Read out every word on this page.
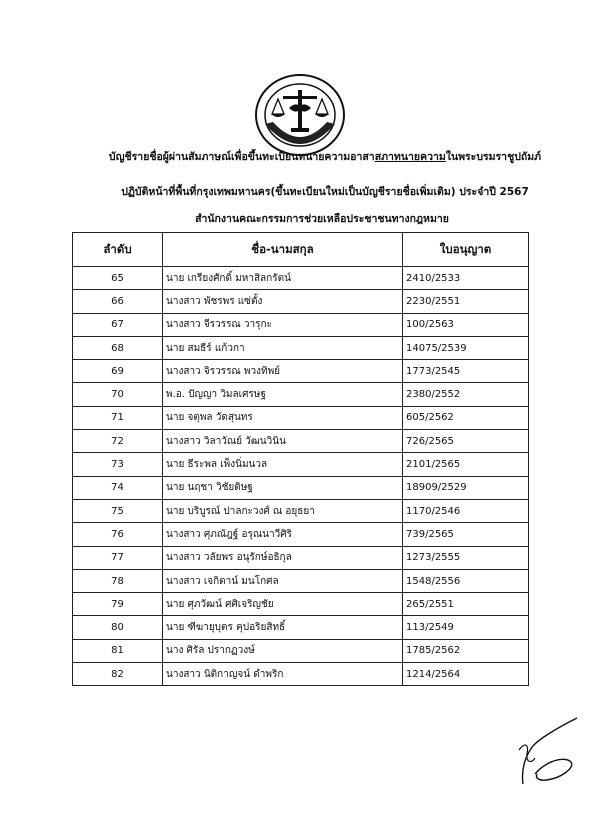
บัญชีรายชื่อผู้ผ่านสัมภาษณ์เพื่อขึ้นทะเบียนทนายความอาสาสภาทนายความในพระบรมราชูปถัมภ์
ปฏิบัติหน้าที่พื้นที่กรุงเทพมหานคร(ขึ้นทะเบียนใหม่เป็นบัญชีรายชื่อเพิ่มเติม) ประจำปี 2567
สำนักงานคณะกรรมการช่วยเหลือประชาชนทางกฎหมาย
ลำดับ	ชื่อ-นามสกุล	ใบอนุญาต
65	นาย เกรียงศักดิ์ มหาสิลกรัตน์	2410/2533
66	นางสาว พัชรพร แซ่ตั้ง	2230/2551
67	นางสาว จีรวรรณ วารุกะ	100/2563
68	นาย สมธีร์ แก้วกา	14075/2539
69	นางสาว จิรวรรณ พวงทิพย์	1773/2545
70	พ.อ. ปัญญา วิมลเศรษฐ	2380/2552
71	นาย จตุพล วัดสุนทร	605/2562
72	นางสาว วิลาวัณย์ วัฒนวินิน	726/2565
73	นาย ธีระพล เพ็งนิ่มนวล	2101/2565
74	นาย นฤชา วิชัยดิษฐ	18909/2529
75	นาย บริบูรณ์ ปาลกะวงศ์ ณ อยุธยา	1170/2546
76	นางสาว ศุภณัฎฐ์ อรุณนาวีศิริ	739/2565
77	นางสาว วลัยพร อนุรักษ์อธิกุล	1273/2555
78	นางสาว เจกิตาน์ มนโกศล	1548/2556
79	นาย ศุภวัฒน์ ศศิเจริญชัย	265/2551
80	นาย ฑีฆายุบุตร คุปอริยสิทธิ์	113/2549
81	นาง ศิรัล ปรากฏวงษ์	1785/2562
82	นางสาว นิติกาญจน์ ดำพริก	1214/2564
